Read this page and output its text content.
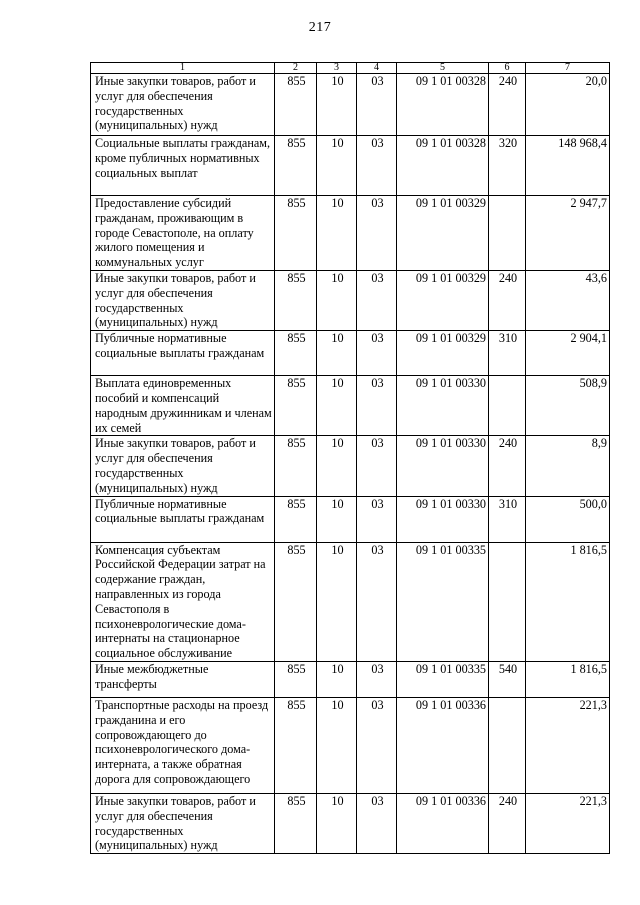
217
1	2	3	4	5	6	7
Иные закупки товаров, работ и услуг для обеспечения государственных (муниципальных) нужд	855	10	03	09 1 01 00328	240	20,0
Социальные выплаты гражданам, кроме публичных нормативных социальных выплат	855	10	03	09 1 01 00328	320	148 968,4
Предоставление субсидий гражданам, проживающим в городе Севастополе, на оплату жилого помещения и коммунальных услуг	855	10	03	09 1 01 00329		2 947,7
Иные закупки товаров, работ и услуг для обеспечения государственных (муниципальных) нужд	855	10	03	09 1 01 00329	240	43,6
Публичные нормативные социальные выплаты гражданам	855	10	03	09 1 01 00329	310	2 904,1
Выплата единовременных пособий и компенсаций народным дружинникам и членам их семей	855	10	03	09 1 01 00330		508,9
Иные закупки товаров, работ и услуг для обеспечения государственных (муниципальных) нужд	855	10	03	09 1 01 00330	240	8,9
Публичные нормативные социальные выплаты гражданам	855	10	03	09 1 01 00330	310	500,0
Компенсация субъектам Российской Федерации затрат на содержание граждан, направленных из города Севастополя в психоневрологические дома-интернаты на стационарное социальное обслуживание	855	10	03	09 1 01 00335		1 816,5
Иные межбюджетные трансферты	855	10	03	09 1 01 00335	540	1 816,5
Транспортные расходы на проезд гражданина и его сопровождающего до психоневрологического дома-интерната, а также обратная дорога для сопровождающего	855	10	03	09 1 01 00336		221,3
Иные закупки товаров, работ и услуг для обеспечения государственных (муниципальных) нужд	855	10	03	09 1 01 00336	240	221,3
